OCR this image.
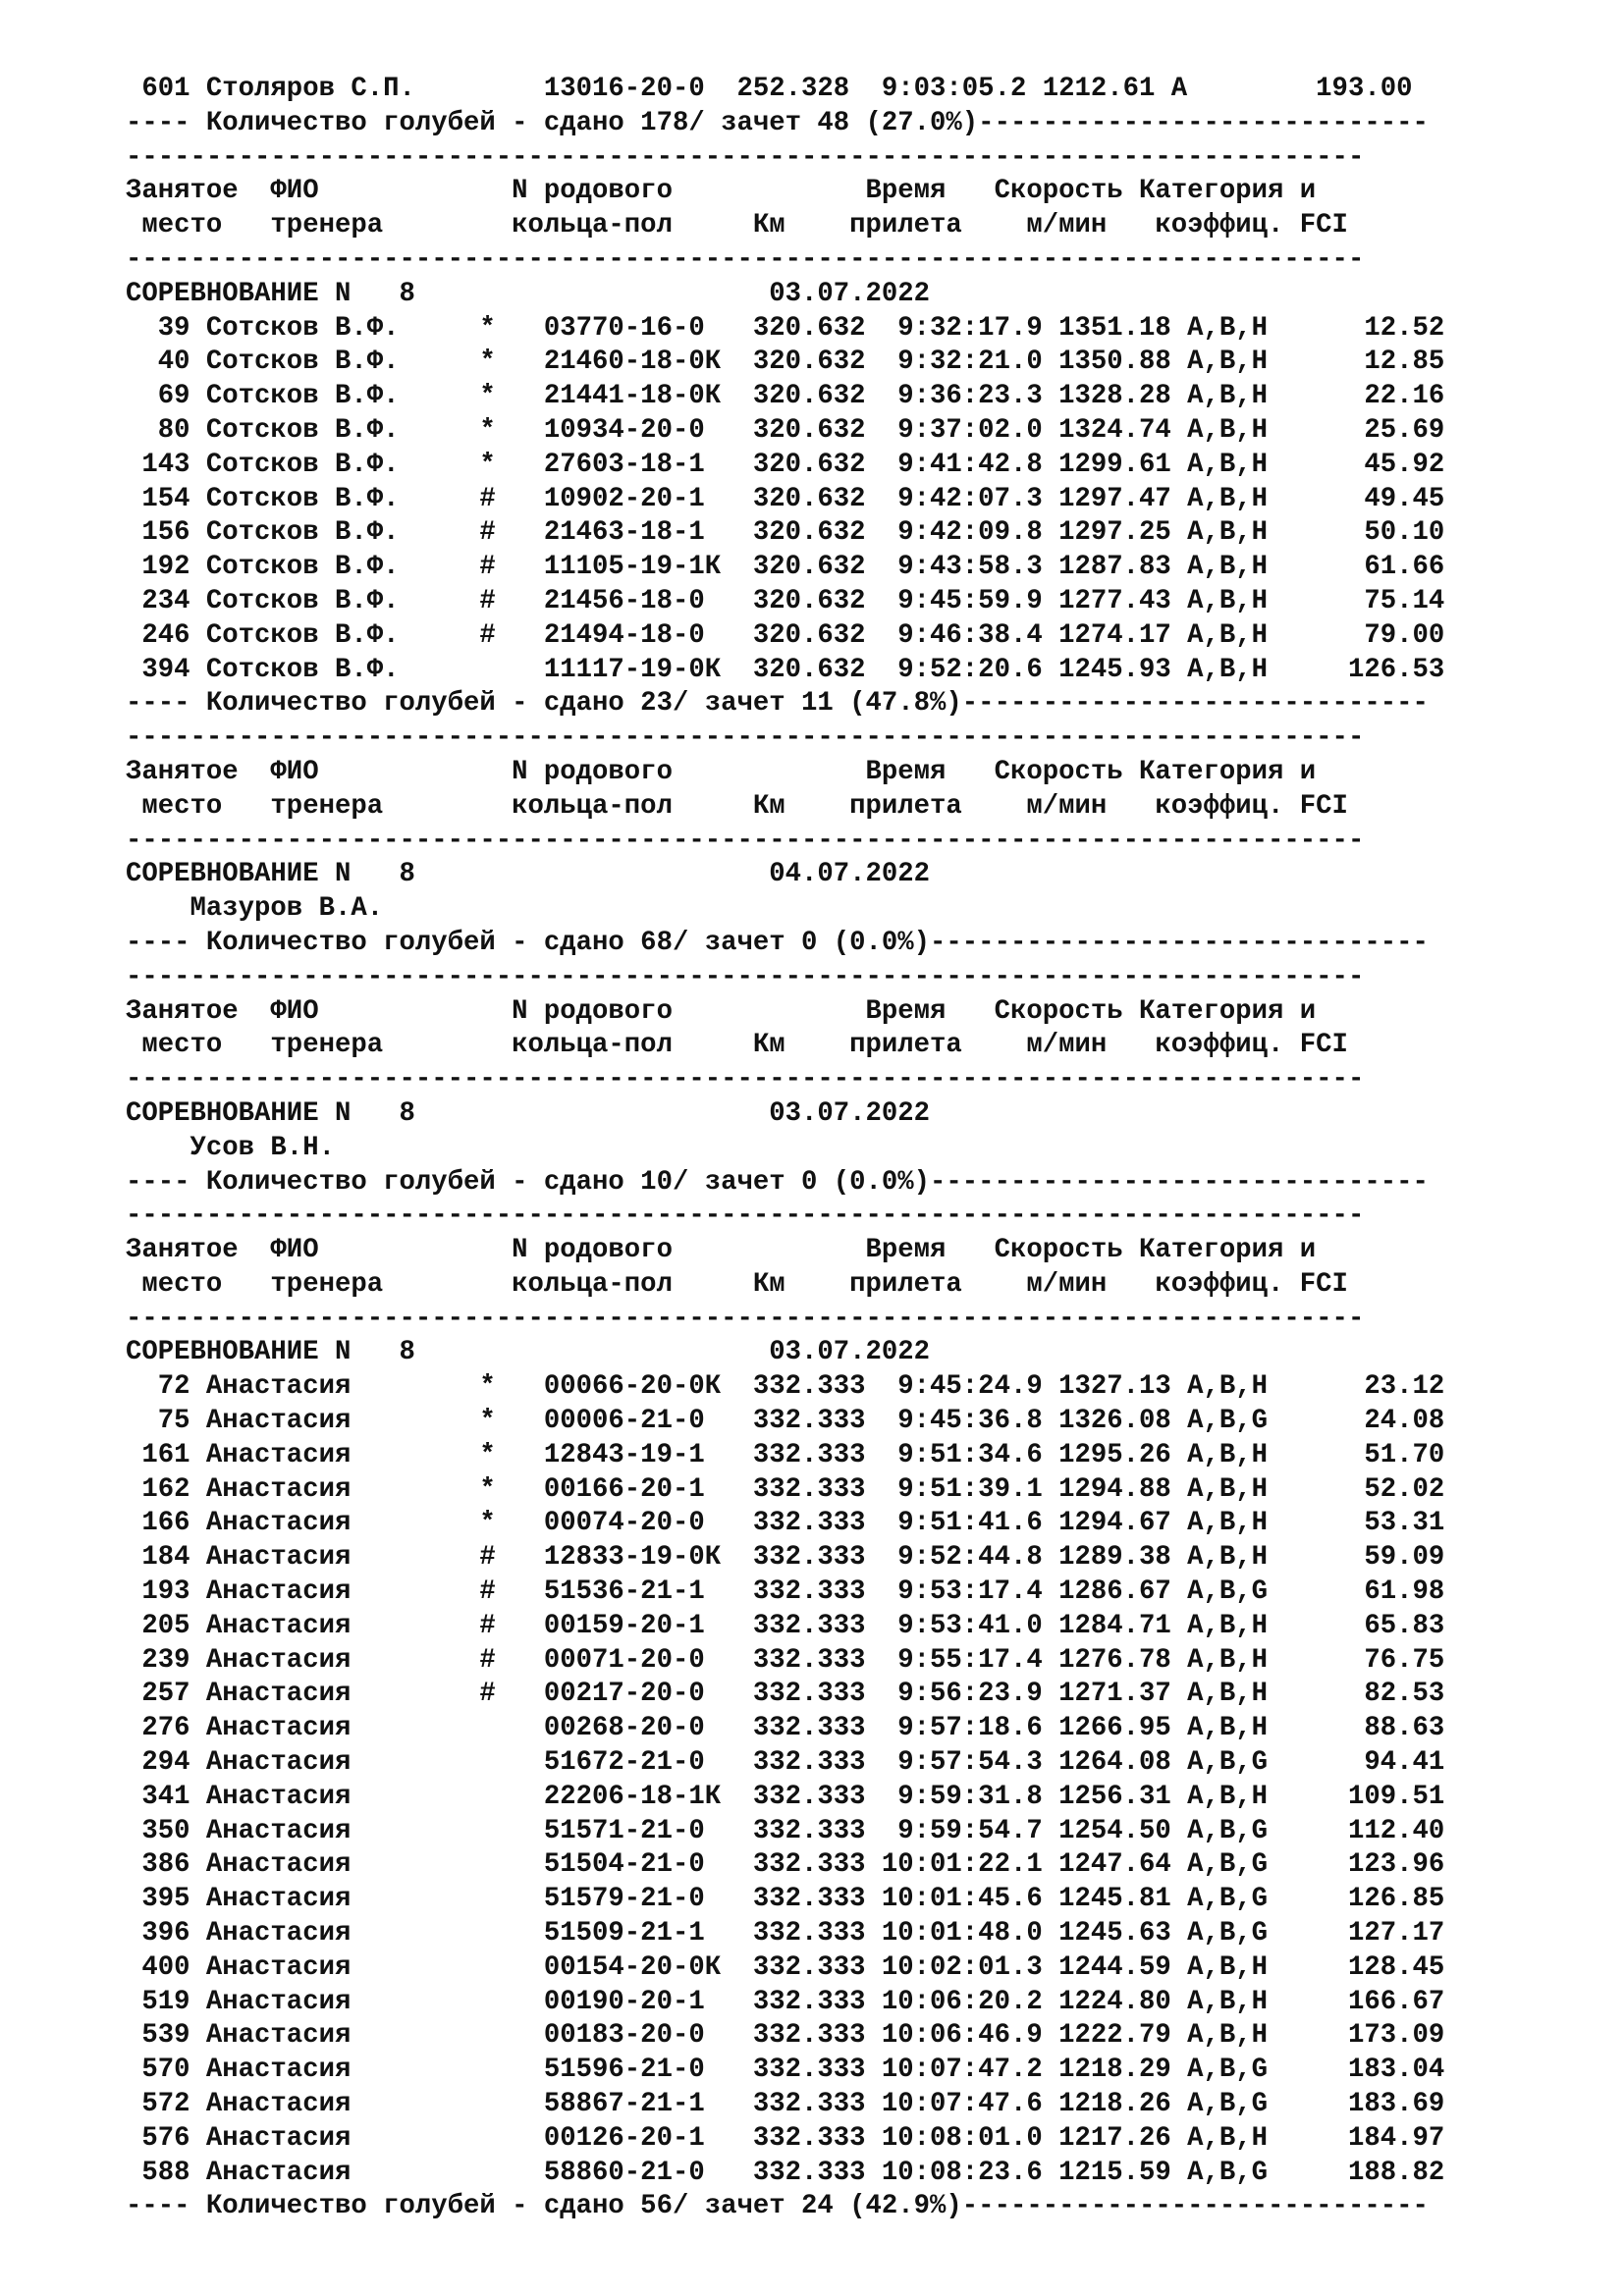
601 Столяров С.П.        13016-20-0  252.328  9:03:05.2 1212.61 А        193.00
---- Количество голубей - сдано 178/ зачет 48 (27.0%)----------------------------
-----------------------------------------------------------------------------
Занятое  ФИО            N родового            Время   Скорость Категория и
место   тренера        кольца-пол     Км    прилета    м/мин   коэффиц. FCI
-----------------------------------------------------------------------------
СОРЕВНОВАНИЕ N   8                      03.07.2022
39 Сотсков В.Ф.     *   03770-16-0   320.632  9:32:17.9 1351.18 А,В,Н      12.52
40 Сотсков В.Ф.     *   21460-18-0К  320.632  9:32:21.0 1350.88 А,В,Н      12.85
69 Сотсков В.Ф.     *   21441-18-0К  320.632  9:36:23.3 1328.28 А,В,Н      22.16
80 Сотсков В.Ф.     *   10934-20-0   320.632  9:37:02.0 1324.74 А,В,Н      25.69
143 Сотсков В.Ф.     *   27603-18-1   320.632  9:41:42.8 1299.61 А,В,Н      45.92
154 Сотсков В.Ф.     #   10902-20-1   320.632  9:42:07.3 1297.47 А,В,Н      49.45
156 Сотсков В.Ф.     #   21463-18-1   320.632  9:42:09.8 1297.25 А,В,Н      50.10
192 Сотсков В.Ф.     #   11105-19-1К  320.632  9:43:58.3 1287.83 А,В,Н      61.66
234 Сотсков В.Ф.     #   21456-18-0   320.632  9:45:59.9 1277.43 А,В,Н      75.14
246 Сотсков В.Ф.     #   21494-18-0   320.632  9:46:38.4 1274.17 А,В,Н      79.00
394 Сотсков В.Ф.         11117-19-0К  320.632  9:52:20.6 1245.93 А,В,Н     126.53
---- Количество голубей - сдано 23/ зачет 11 (47.8%)-----------------------------
-----------------------------------------------------------------------------
Занятое  ФИО            N родового            Время   Скорость Категория и
место   тренера        кольца-пол     Км    прилета    м/мин   коэффиц. FCI
-----------------------------------------------------------------------------
СОРЕВНОВАНИЕ N   8                      04.07.2022
Мазуров В.А.
---- Количество голубей - сдано 68/ зачет 0 (0.0%)-------------------------------
-----------------------------------------------------------------------------
Занятое  ФИО            N родового            Время   Скорость Категория и
место   тренера        кольца-пол     Км    прилета    м/мин   коэффиц. FCI
-----------------------------------------------------------------------------
СОРЕВНОВАНИЕ N   8                      03.07.2022
Усов В.Н.
---- Количество голубей - сдано 10/ зачет 0 (0.0%)-------------------------------
-----------------------------------------------------------------------------
Занятое  ФИО            N родового            Время   Скорость Категория и
место   тренера        кольца-пол     Км    прилета    м/мин   коэффиц. FCI
-----------------------------------------------------------------------------
СОРЕВНОВАНИЕ N   8                      03.07.2022
72 Анастасия        *   00066-20-0К  332.333  9:45:24.9 1327.13 А,В,Н      23.12
75 Анастасия        *   00006-21-0   332.333  9:45:36.8 1326.08 А,В,G      24.08
161 Анастасия        *   12843-19-1   332.333  9:51:34.6 1295.26 А,В,Н      51.70
162 Анастасия        *   00166-20-1   332.333  9:51:39.1 1294.88 А,В,Н      52.02
166 Анастасия        *   00074-20-0   332.333  9:51:41.6 1294.67 А,В,Н      53.31
184 Анастасия        #   12833-19-0К  332.333  9:52:44.8 1289.38 А,В,Н      59.09
193 Анастасия        #   51536-21-1   332.333  9:53:17.4 1286.67 А,В,G      61.98
205 Анастасия        #   00159-20-1   332.333  9:53:41.0 1284.71 А,В,Н      65.83
239 Анастасия        #   00071-20-0   332.333  9:55:17.4 1276.78 А,В,Н      76.75
257 Анастасия        #   00217-20-0   332.333  9:56:23.9 1271.37 А,В,Н      82.53
276 Анастасия            00268-20-0   332.333  9:57:18.6 1266.95 А,В,Н      88.63
294 Анастасия            51672-21-0   332.333  9:57:54.3 1264.08 А,В,G      94.41
341 Анастасия            22206-18-1К  332.333  9:59:31.8 1256.31 А,В,Н     109.51
350 Анастасия            51571-21-0   332.333  9:59:54.7 1254.50 А,В,G     112.40
386 Анастасия            51504-21-0   332.333 10:01:22.1 1247.64 А,В,G     123.96
395 Анастасия            51579-21-0   332.333 10:01:45.6 1245.81 А,В,G     126.85
396 Анастасия            51509-21-1   332.333 10:01:48.0 1245.63 А,В,G     127.17
400 Анастасия            00154-20-0К  332.333 10:02:01.3 1244.59 А,В,Н     128.45
519 Анастасия            00190-20-1   332.333 10:06:20.2 1224.80 А,В,Н     166.67
539 Анастасия            00183-20-0   332.333 10:06:46.9 1222.79 А,В,Н     173.09
570 Анастасия            51596-21-0   332.333 10:07:47.2 1218.29 А,В,G     183.04
572 Анастасия            58867-21-1   332.333 10:07:47.6 1218.26 А,В,G     183.69
576 Анастасия            00126-20-1   332.333 10:08:01.0 1217.26 А,В,Н     184.97
588 Анастасия            58860-21-0   332.333 10:08:23.6 1215.59 А,В,G     188.82
---- Количество голубей - сдано 56/ зачет 24 (42.9%)-----------------------------
